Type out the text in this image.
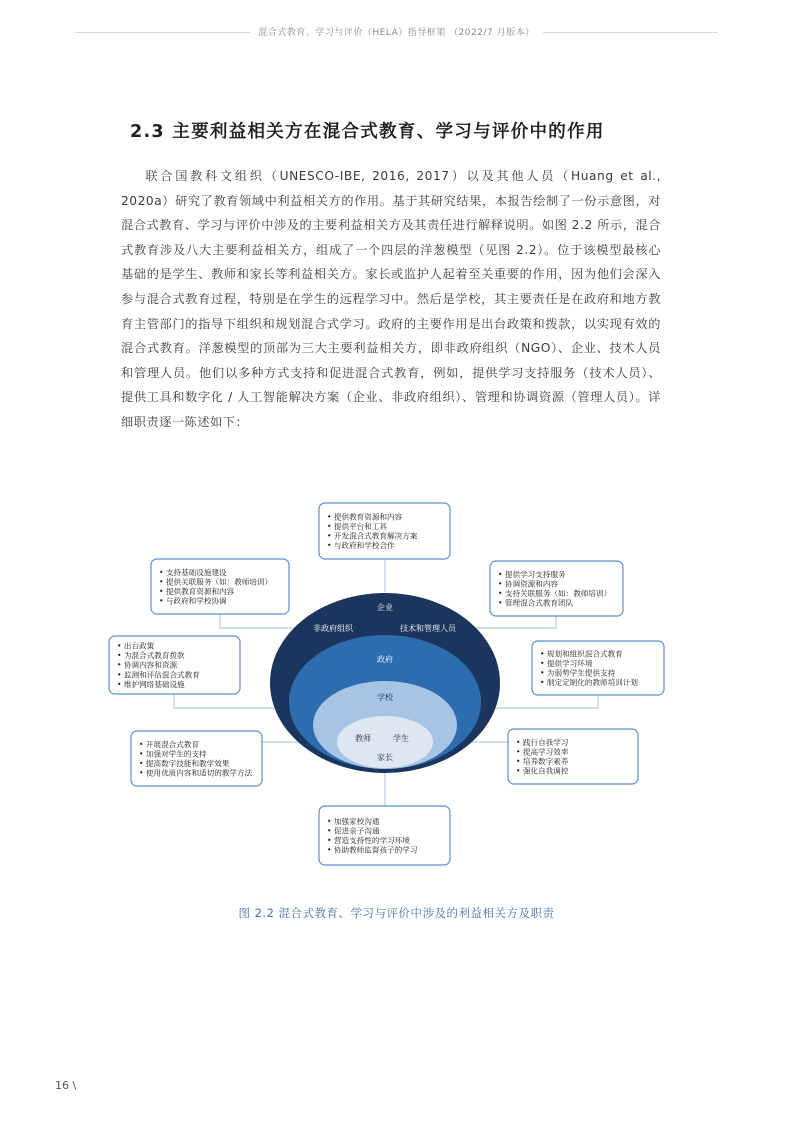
混合式教育、学习与评价（HELA）指导框架 （2022/7 月版本）
2.3 主要利益相关方在混合式教育、学习与评价中的作用

联合国教科文组织（UNESCO-IBE, 2016, 2017）以及其他人员（Huang et al., 2020a）研究了教育领域中利益相关方的作用。基于其研究结果，本报告绘制了一份示意图，对混合式教育、学习与评价中涉及的主要利益相关方及其责任进行解释说明。如图 2.2 所示，混合式教育涉及八大主要利益相关方，组成了一个四层的洋葱模型（见图 2.2）。位于该模型最核心基础的是学生、教师和家长等利益相关方。家长或监护人起着至关重要的作用，因为他们会深入参与混合式教育过程，特别是在学生的远程学习中。然后是学校，其主要责任是在政府和地方教育主管部门的指导下组织和规划混合式学习。政府的主要作用是出台政策和拨款，以实现有效的混合式教育。洋葱模型的顶部为三大主要利益相关方，即非政府组织（NGO）、企业、技术人员和管理人员。他们以多种方式支持和促进混合式教育，例如，提供学习支持服务（技术人员）、提供工具和数字化 / 人工智能解决方案（企业、非政府组织）、管理和协调资源（管理人员）。详细职责逐一陈述如下：

企业
非政府组织	技术和管理人员
政府
学校
教师	学生
家长
• 提供教育资源和内容
• 提供平台和工具
• 开发混合式教育解决方案
• 与政府和学校合作
• 支持基础设施建设
• 提供关联服务（如：教师培训）
• 提供教育资源和内容
• 与政府和学校协调
• 提供学习支持服务
• 协调资源和内容
• 支持关联服务（如：教师培训）
• 管理混合式教育团队
• 出台政策
• 为混合式教育拨款
• 协调内容和资源
• 监测和评估混合式教育
• 维护网络基础设施
• 规划和组织混合式教育
• 提供学习环境
• 为弱势学生提供支持
• 制定定制化的教师培训计划
• 开展混合式教育
• 加强对学生的支持
• 提高数字技能和教学效果
• 使用优质内容和适切的教学方法
• 践行自我学习
• 提高学习效率
• 培养数字素养
• 强化自我调控
• 加强家校沟通
• 促进亲子沟通
• 营造支持性的学习环境
• 协助教师监督孩子的学习
图 2.2 混合式教育、学习与评价中涉及的利益相关方及职责
16 \
